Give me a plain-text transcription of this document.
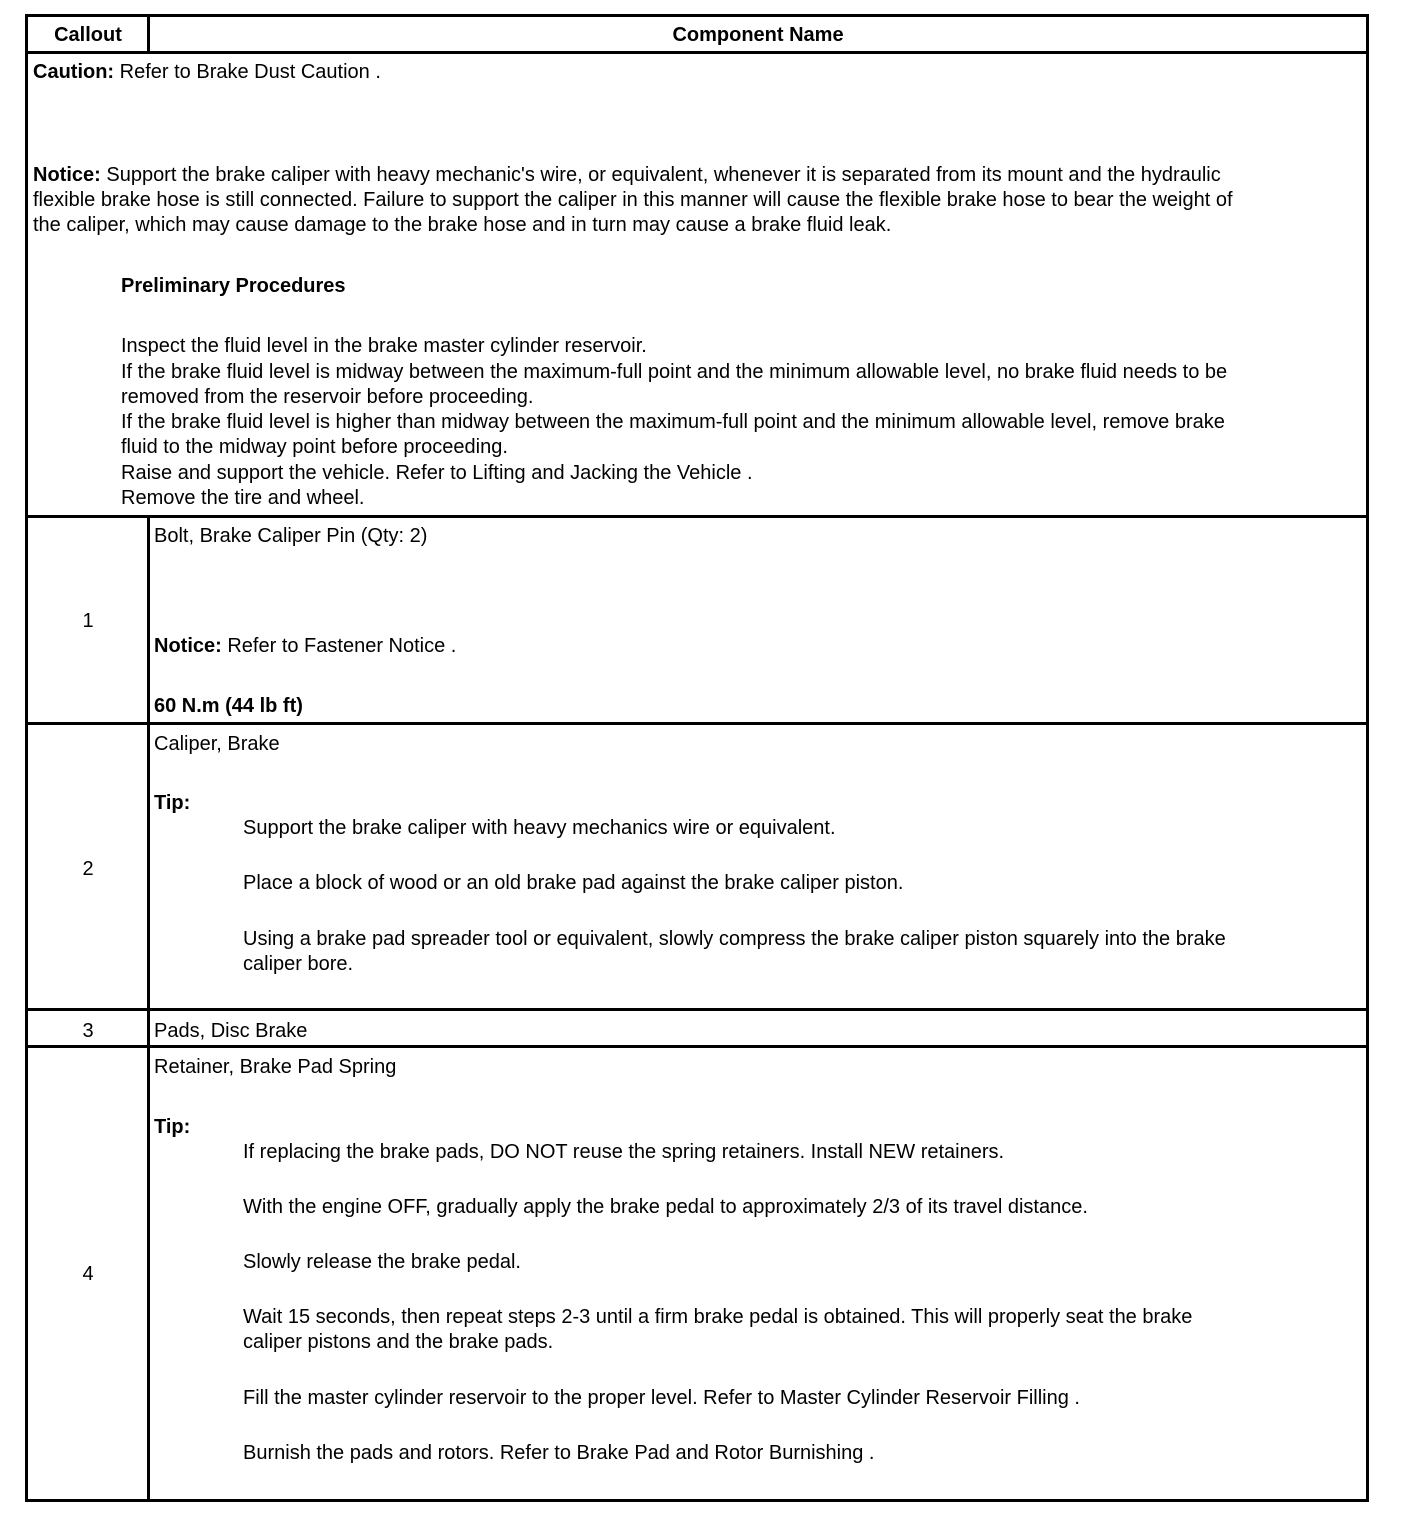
Callout	Component Name
Caution: Refer to Brake Dust Caution .
Notice: Support the brake caliper with heavy mechanic's wire, or equivalent, whenever it is separated from its mount and the hydraulic
flexible brake hose is still connected. Failure to support the caliper in this manner will cause the flexible brake hose to bear the weight of
the caliper, which may cause damage to the brake hose and in turn may cause a brake fluid leak.
Preliminary Procedures
Inspect the fluid level in the brake master cylinder reservoir.
If the brake fluid level is midway between the maximum-full point and the minimum allowable level, no brake fluid needs to be
removed from the reservoir before proceeding.
If the brake fluid level is higher than midway between the maximum-full point and the minimum allowable level, remove brake
fluid to the midway point before proceeding.
Raise and support the vehicle. Refer to Lifting and Jacking the Vehicle .
Remove the tire and wheel.
1
Bolt, Brake Caliper Pin (Qty: 2)
Notice: Refer to Fastener Notice .
60 N.m (44 lb ft)
2
Caliper, Brake
Tip:
Support the brake caliper with heavy mechanics wire or equivalent.
Place a block of wood or an old brake pad against the brake caliper piston.
Using a brake pad spreader tool or equivalent, slowly compress the brake caliper piston squarely into the brake
caliper bore.
3	Pads, Disc Brake
4
Retainer, Brake Pad Spring
Tip:
If replacing the brake pads, DO NOT reuse the spring retainers. Install NEW retainers.
With the engine OFF, gradually apply the brake pedal to approximately 2/3 of its travel distance.
Slowly release the brake pedal.
Wait 15 seconds, then repeat steps 2-3 until a firm brake pedal is obtained. This will properly seat the brake
caliper pistons and the brake pads.
Fill the master cylinder reservoir to the proper level. Refer to Master Cylinder Reservoir Filling .
Burnish the pads and rotors. Refer to Brake Pad and Rotor Burnishing .
